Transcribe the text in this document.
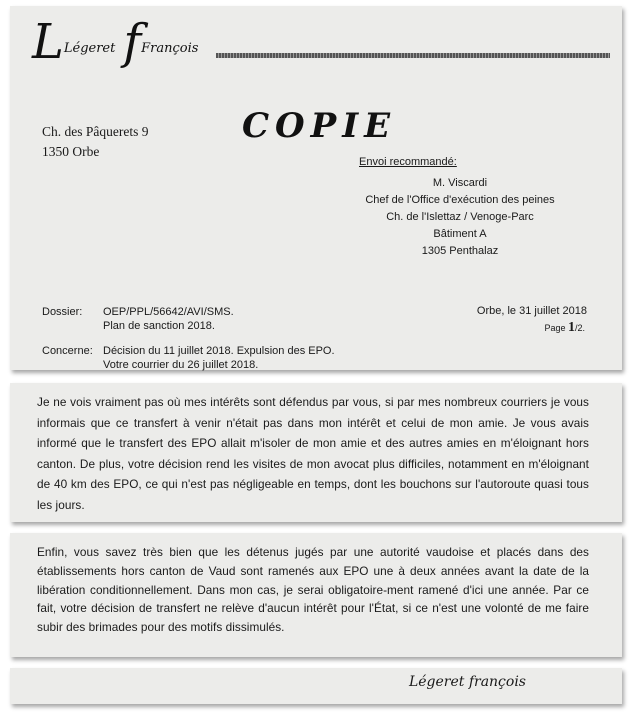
LLégeret fFrançois
Ch. des Pâquerets 9
1350 Orbe
COPIE
Envoi recommandé:
M. Viscardi
Chef de l'Office d'exécution des peines
Ch. de l'Islettaz / Venoge-Parc
Bâtiment A
1305 Penthalaz
Dossier: OEP/PPL/56642/AVI/SMS.
Plan de sanction 2018.
Concerne: Décision du 11 juillet 2018. Expulsion des EPO.
Votre courrier du 26 juillet 2018.
Orbe, le 31 juillet 2018
Page 1/2.
Je ne vois vraiment pas où mes intérêts sont défendus par vous, si par mes nombreux courriers je vous informais que ce transfert à venir n'était pas dans mon intérêt et celui de mon amie. Je vous avais informé que le transfert des EPO allait m'isoler de mon amie et des autres amies en m'éloignant hors canton. De plus, votre décision rend les visites de mon avocat plus difficiles, notamment en m'éloignant de 40 km des EPO, ce qui n'est pas négligeable en temps, dont les bouchons sur l'autoroute quasi tous les jours.
Enfin, vous savez très bien que les détenus jugés par une autorité vaudoise et placés dans des établissements hors canton de Vaud sont ramenés aux EPO une à deux années avant la date de la libération conditionnellement. Dans mon cas, je serai obligatoire-ment ramené d'ici une année. Par ce fait, votre décision de transfert ne relève d'aucun intérêt pour l'État, si ce n'est une volonté de me faire subir des brimades pour des motifs dissimulés.
Légeret françois
